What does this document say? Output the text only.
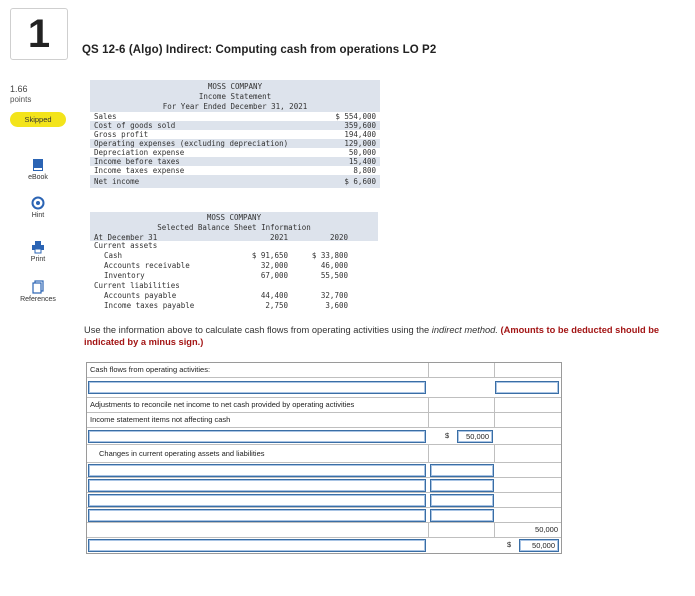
1	QS 12-6 (Algo) Indirect: Computing cash from operations LO P2
1.66
points
Skipped
eBook
Hint
Print
References
MOSS COMPANY
Income Statement
For Year Ended December 31, 2021
Sales	$ 554,000
Cost of goods sold	359,600
Gross profit	194,400
Operating expenses (excluding depreciation)	129,000
Depreciation expense	50,000
Income before taxes	15,400
Income taxes expense	8,800
Net income	$ 6,600
MOSS COMPANY
Selected Balance Sheet Information
At December 31	2021	2020
Current assets
Cash	$ 91,650	$ 33,800
Accounts receivable	32,000	46,000
Inventory	67,000	55,500
Current liabilities
Accounts payable	44,400	32,700
Income taxes payable	2,750	3,600
Use the information above to calculate cash flows from operating activities using the indirect method. (Amounts to be deducted should be indicated by a minus sign.)
Cash flows from operating activities:
Adjustments to reconcile net income to net cash provided by operating activities
Income statement items not affecting cash
$	50,000
Changes in current operating assets and liabilities
50,000
$	50,000
